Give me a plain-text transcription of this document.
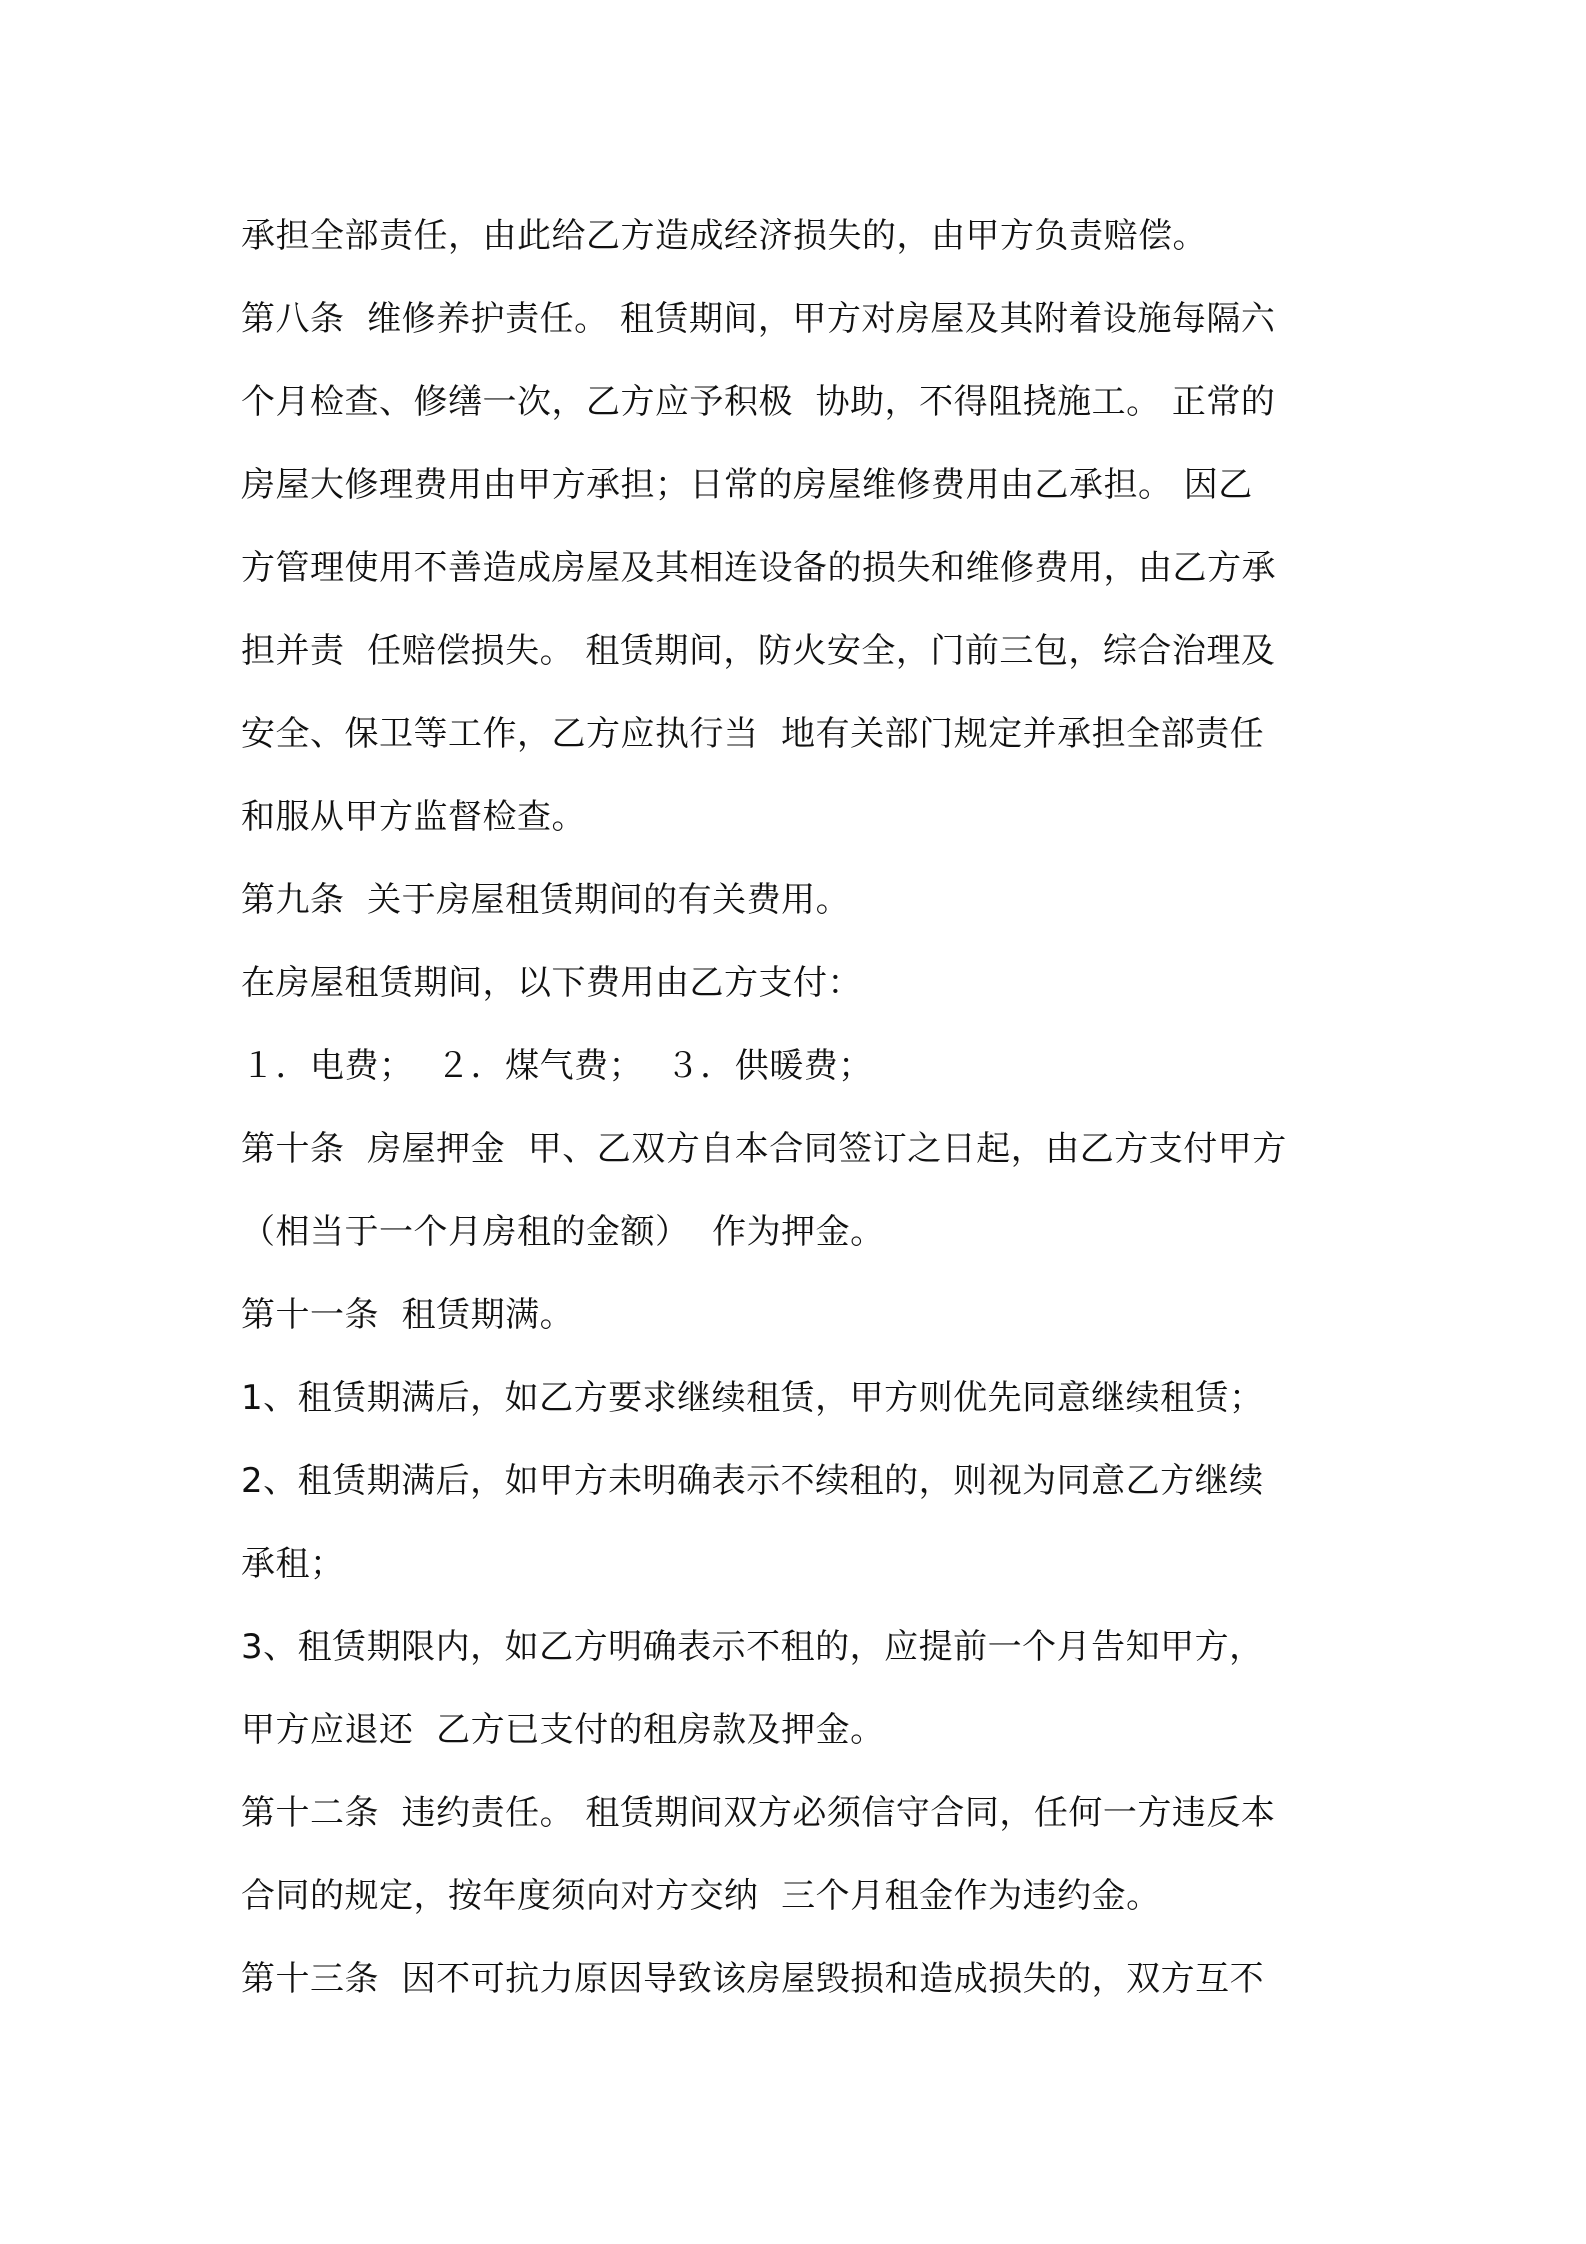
承担全部责任，由此给乙方造成经济损失的，由甲方负责赔偿。
第八条  维修养护责任。 租赁期间，甲方对房屋及其附着设施每隔六
个月检查、修缮一次，乙方应予积极  协助，不得阻挠施工。 正常的
房屋大修理费用由甲方承担；日常的房屋维修费用由乙承担。 因乙
方管理使用不善造成房屋及其相连设备的损失和维修费用，由乙方承
担并责  任赔偿损失。 租赁期间，防火安全，门前三包，综合治理及
安全、保卫等工作，乙方应执行当  地有关部门规定并承担全部责任
和服从甲方监督检查。
第九条  关于房屋租赁期间的有关费用。
在房屋租赁期间，以下费用由乙方支付：
１．电费；  ２．煤气费；  ３．供暖费；
第十条  房屋押金  甲、乙双方自本合同签订之日起，由乙方支付甲方
（相当于一个月房租的金额）  作为押金。
第十一条  租赁期满。
1、租赁期满后，如乙方要求继续租赁，甲方则优先同意继续租赁；
2、租赁期满后，如甲方未明确表示不续租的，则视为同意乙方继续
承租；
3、租赁期限内，如乙方明确表示不租的，应提前一个月告知甲方，
甲方应退还  乙方已支付的租房款及押金。
第十二条  违约责任。 租赁期间双方必须信守合同，任何一方违反本
合同的规定，按年度须向对方交纳  三个月租金作为违约金。
第十三条  因不可抗力原因导致该房屋毁损和造成损失的，双方互不
